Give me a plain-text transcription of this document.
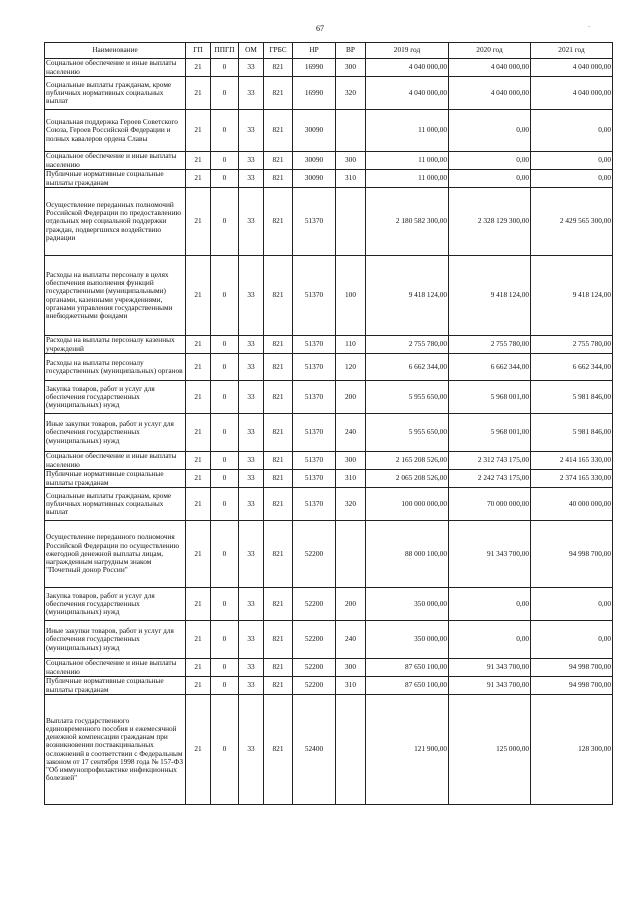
67	-
Наименование	ГП	ППГП	ОМ	ГРБС	НР	ВР	2019 год	2020 год	2021 год
Социальное обеспечение и иные выплаты населению	21	0	33	821	16990	300	4 040 000,00	4 040 000,00	4 040 000,00
Социальные выплаты гражданам, кроме публичных нормативных социальных выплат	21	0	33	821	16990	320	4 040 000,00	4 040 000,00	4 040 000,00
Социальная поддержка Героев Советского Союза, Героев Российской Федерации и полных кавалеров ордена Славы	21	0	33	821	30090		11 000,00	0,00	0,00
Социальное обеспечение и иные выплаты населению	21	0	33	821	30090	300	11 000,00	0,00	0,00
Публичные нормативные социальные выплаты гражданам	21	0	33	821	30090	310	11 000,00	0,00	0,00
Осуществление переданных полномочий Российской Федерации по предоставлению отдельных мер социальной поддержки граждан, подвергшихся воздействию радиации	21	0	33	821	51370		2 180 582 300,00	2 328 129 300,00	2 429 565 300,00
Расходы на выплаты персоналу в целях обеспечения выполнения функций государственными (муниципальными) органами, казенными учреждениями, органами управления государственными внебюджетными фондами	21	0	33	821	51370	100	9 418 124,00	9 418 124,00	9 418 124,00
Расходы на выплаты персоналу казенных учреждений	21	0	33	821	51370	110	2 755 780,00	2 755 780,00	2 755 780,00
Расходы на выплаты персоналу государственных (муниципальных) органов	21	0	33	821	51370	120	6 662 344,00	6 662 344,00	6 662 344,00
Закупка товаров, работ и услуг для обеспечения государственных (муниципальных) нужд	21	0	33	821	51370	200	5 955 650,00	5 968 001,00	5 981 846,00
Иные закупки товаров, работ и услуг для обеспечения государственных (муниципальных) нужд	21	0	33	821	51370	240	5 955 650,00	5 968 001,00	5 981 846,00
Социальное обеспечение и иные выплаты населению	21	0	33	821	51370	300	2 165 208 526,00	2 312 743 175,00	2 414 165 330,00
Публичные нормативные социальные выплаты гражданам	21	0	33	821	51370	310	2 065 208 526,00	2 242 743 175,00	2 374 165 330,00
Социальные выплаты гражданам, кроме публичных нормативных социальных выплат	21	0	33	821	51370	320	100 000 000,00	70 000 000,00	40 000 000,00
Осуществление переданного полномочия Российской Федерации по осуществлению ежегодной денежной выплаты лицам, награжденным нагрудным знаком "Почетный донор России"	21	0	33	821	52200		88 000 100,00	91 343 700,00	94 998 700,00
Закупка товаров, работ и услуг для обеспечения государственных (муниципальных) нужд	21	0	33	821	52200	200	350 000,00	0,00	0,00
Иные закупки товаров, работ и услуг для обеспечения государственных (муниципальных) нужд	21	0	33	821	52200	240	350 000,00	0,00	0,00
Социальное обеспечение и иные выплаты населению	21	0	33	821	52200	300	87 650 100,00	91 343 700,00	94 998 700,00
Публичные нормативные социальные выплаты гражданам	21	0	33	821	52200	310	87 650 100,00	91 343 700,00	94 998 700,00
Выплата государственного единовременного пособия и ежемесячной денежной компенсации гражданам при возникновении поствакцинальных осложнений в соответствии с Федеральным законом от 17 сентября 1998 года № 157-ФЗ "Об иммунопрофилактике инфекционных болезней"	21	0	33	821	52400		121 900,00	125 000,00	128 300,00
